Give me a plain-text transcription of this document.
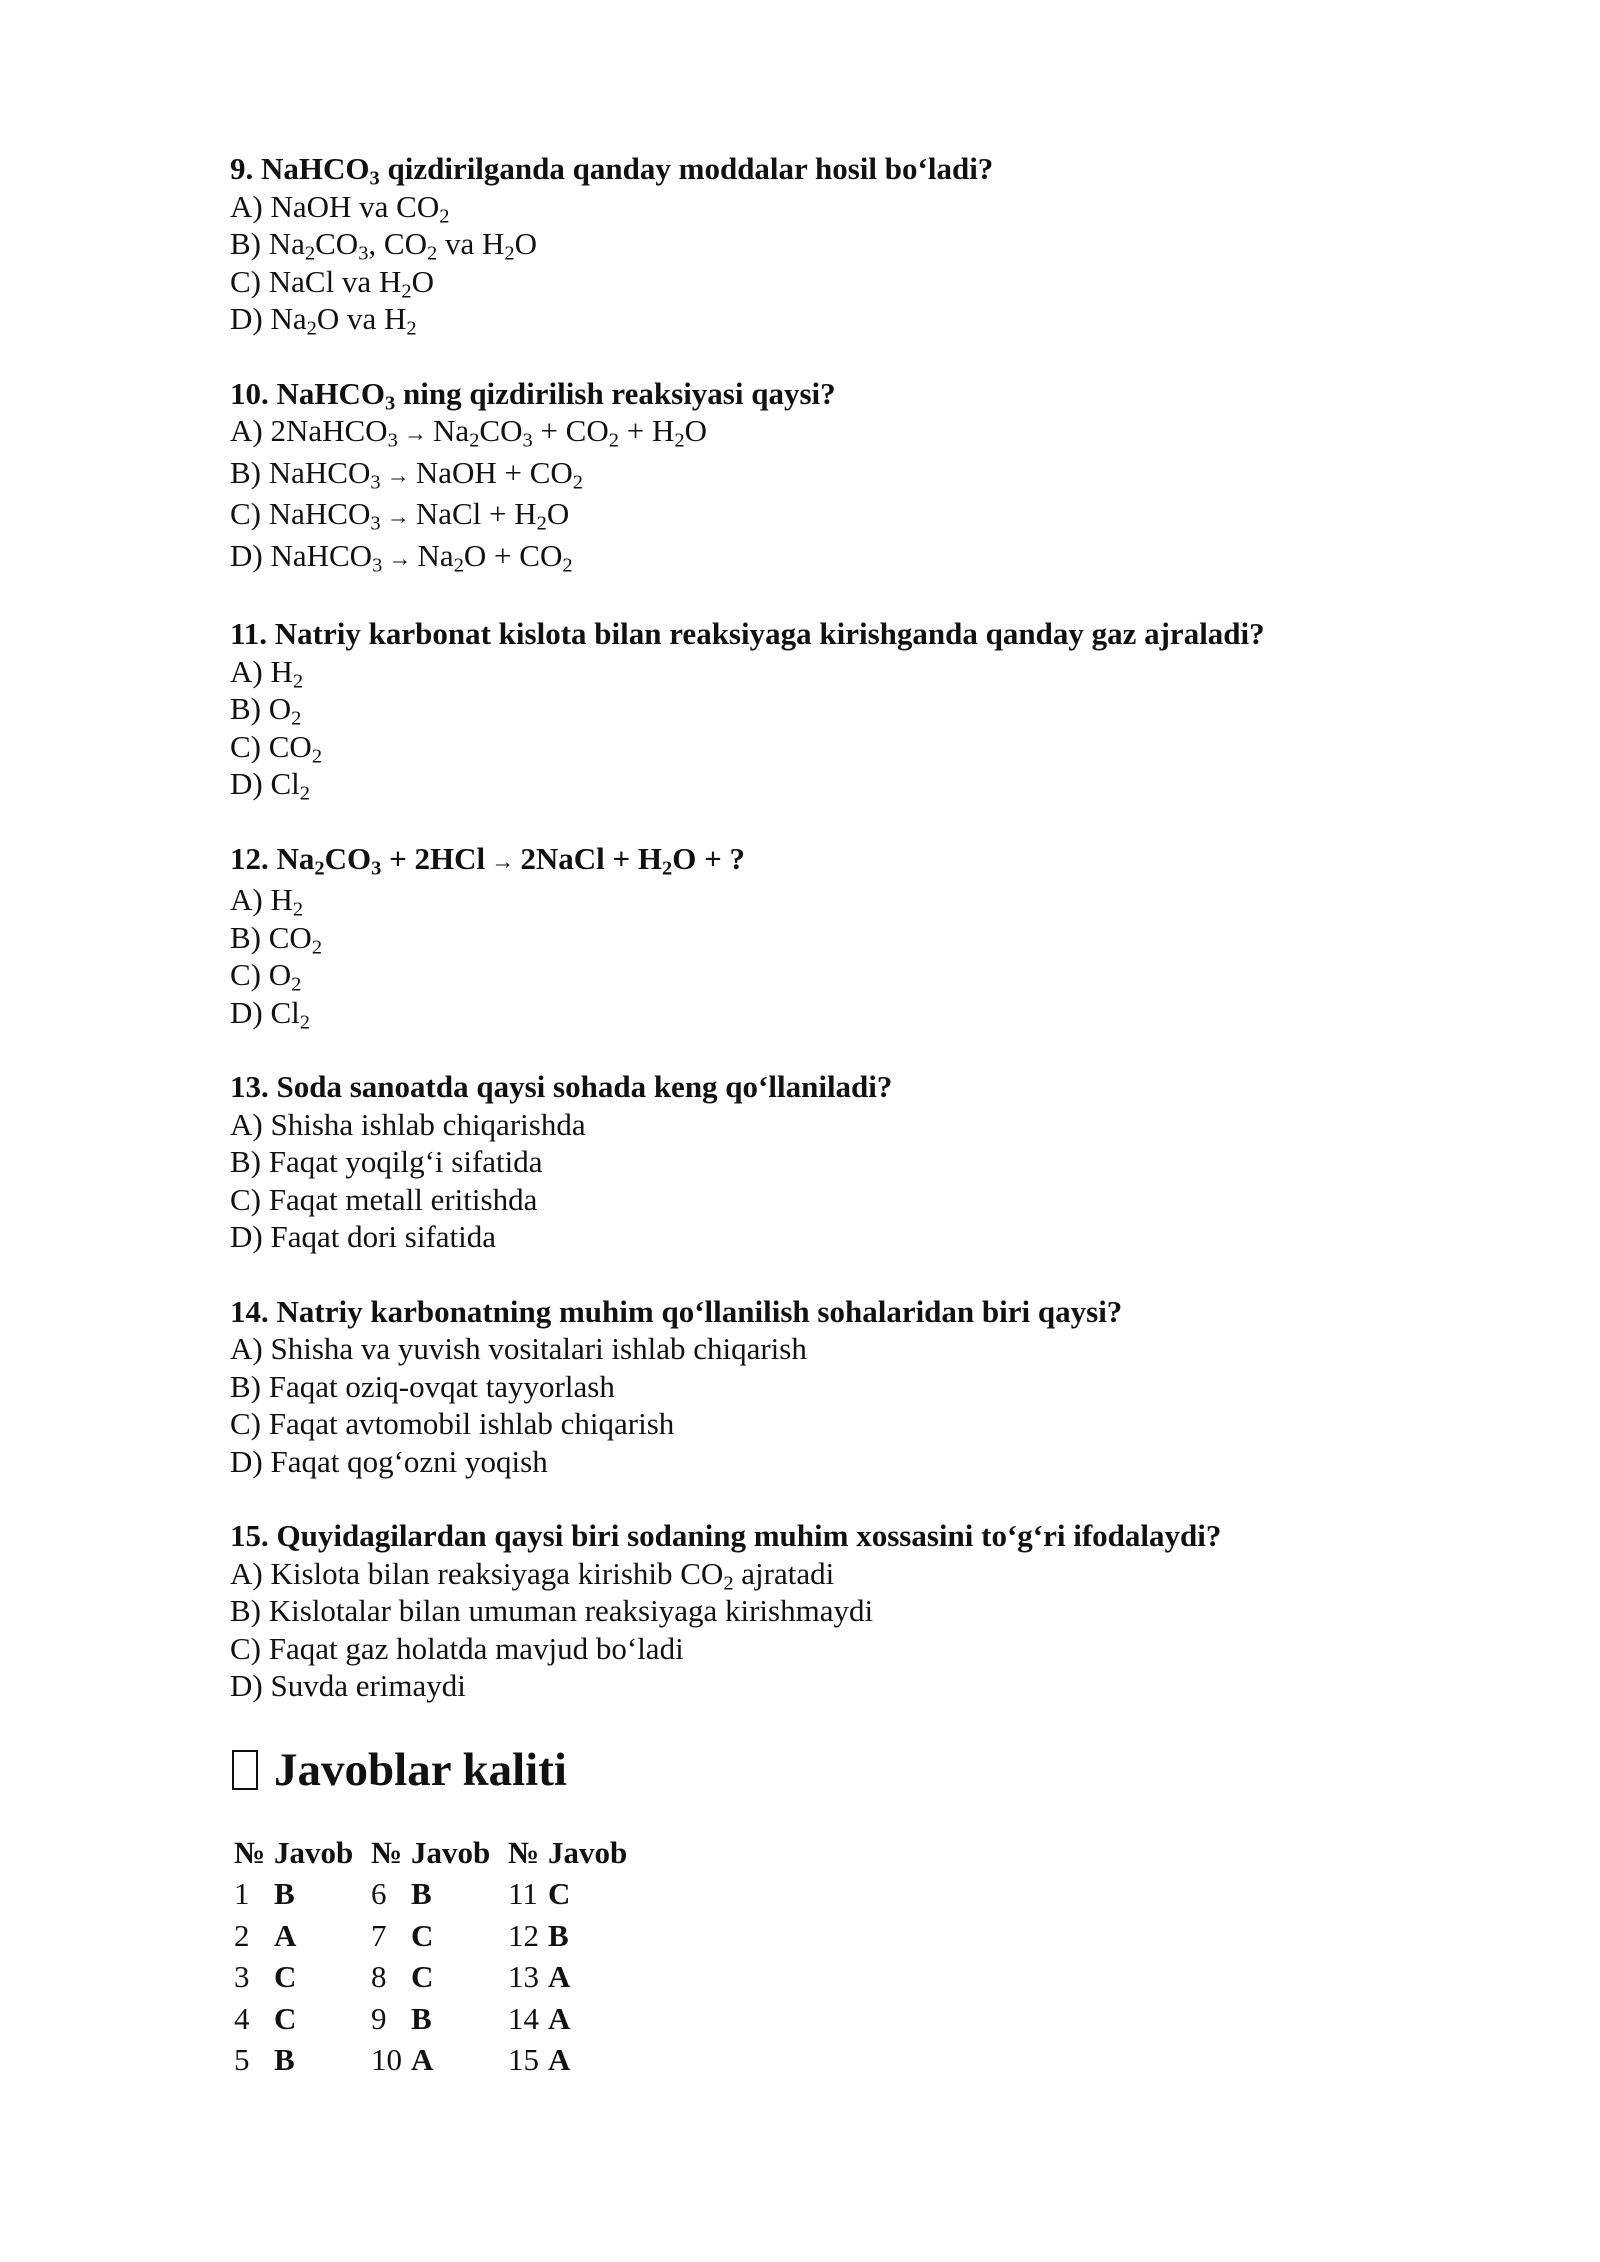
9. NaHCO$_3$ qizdirilganda qanday moddalar hosil bo‘ladi?
A) NaOH va $CO_2$
B) $Na_2CO_3$, $CO_2$ va $H_2O$
C) NaCl va $H_2O$
D) $Na_2O$ va $H_2$
10. NaHCO$_3$ ning qizdirilish reaksiyasi qaysi?
A) 2NaHCO$_3$ → $Na_2CO_3 + CO_2 + H_2O$
B) NaHCO$_3$ → NaOH + $CO_2$
C) NaHCO$_3$ → NaCl + $H_2O$
D) NaHCO$_3$ → $Na_2O + CO_2$
11. Natriy karbonat kislota bilan reaksiyaga kirishganda qanday gaz ajraladi?
A) $H_2$
B) $O_2$
C) $CO_2$
D) $Cl_2$
12. $Na_2CO_3 + 2HCl$ → 2NaCl + $H_2O$ + ?
A) $H_2$
B) $CO_2$
C) $O_2$
D) $Cl_2$
13. Soda sanoatda qaysi sohada keng qo‘llaniladi?
A) Shisha ishlab chiqarishda
B) Faqat yoqilg‘i sifatida
C) Faqat metall eritishda
D) Faqat dori sifatida
14. Natriy karbonatning muhim qo‘llanilish sohalaridan biri qaysi?
A) Shisha va yuvish vositalari ishlab chiqarish
B) Faqat oziq-ovqat tayyorlash
C) Faqat avtomobil ishlab chiqarish
D) Faqat qog‘ozni yoqish
15. Quyidagilardan qaysi biri sodaning muhim xossasini to‘g‘ri ifodalaydi?
A) Kislota bilan reaksiyaga kirishib $CO_2$ ajratadi
B) Kislotalar bilan umuman reaksiyaga kirishmaydi
C) Faqat gaz holatda mavjud bo‘ladi
D) Suvda erimaydi
Javoblar kaliti
№	Javob	№	Javob	№	Javob
1	B	6	B	11	C
2	A	7	C	12	B
3	C	8	C	13	A
4	C	9	B	14	A
5	B	10	A	15	A
